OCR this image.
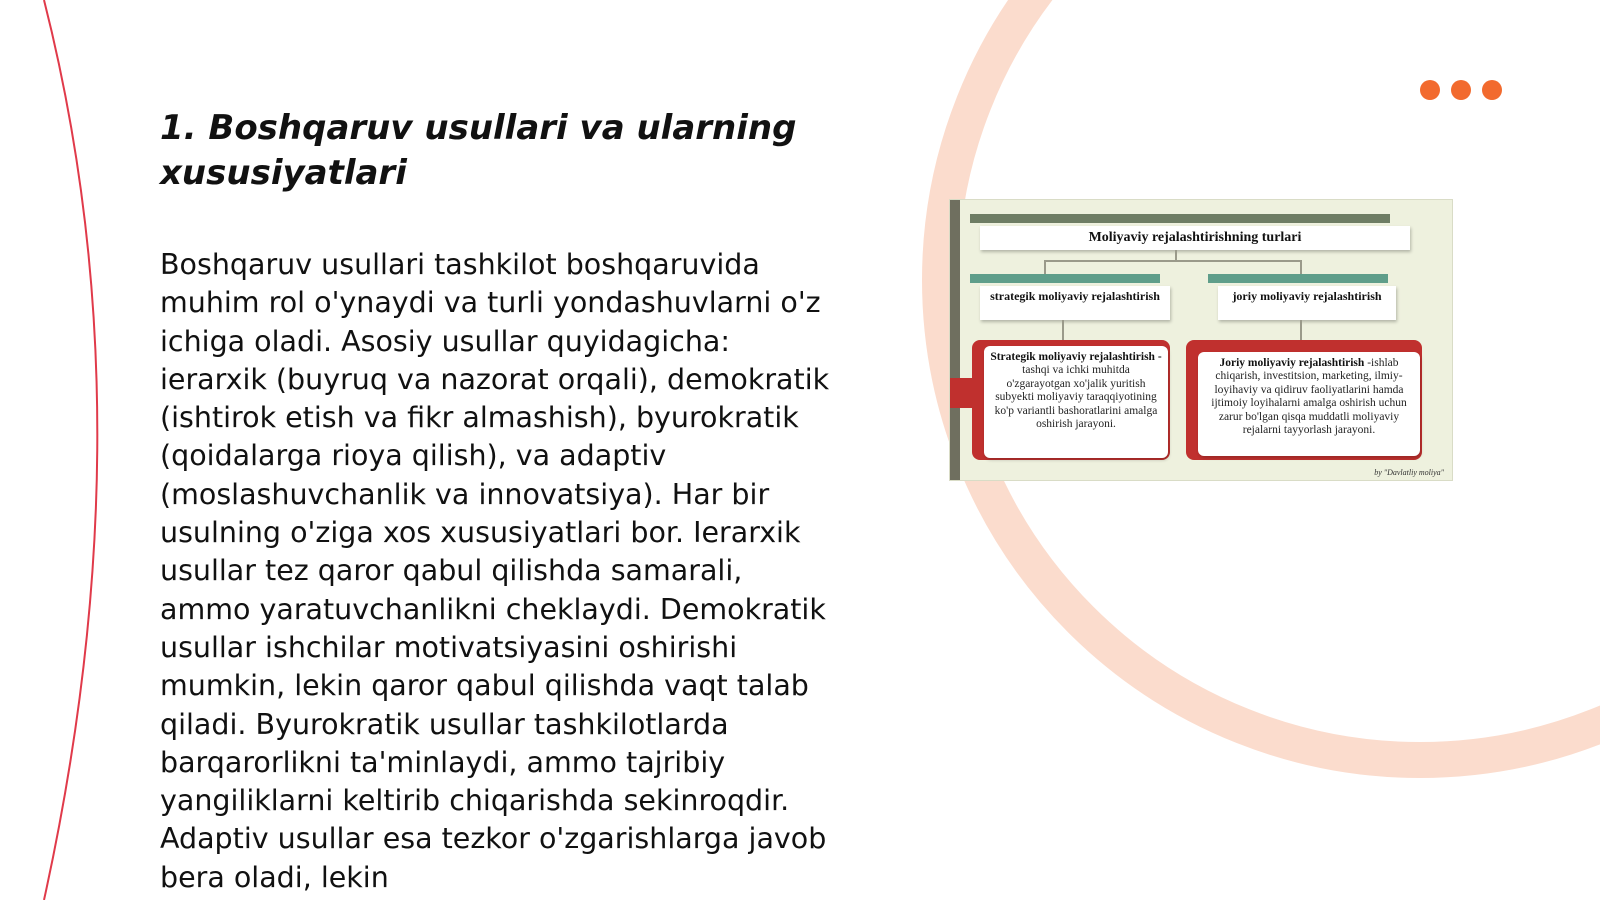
1. Boshqaruv usullari va ularning xususiyatlari

Boshqaruv usullari tashkilot boshqaruvida muhim rol o'ynaydi va turli yondashuvlarni o'z ichiga oladi. Asosiy usullar quyidagicha: ierarxik (buyruq va nazorat orqali), demokratik (ishtirok etish va fikr almashish), byurokratik (qoidalarga rioya qilish), va adaptiv (moslashuvchanlik va innovatsiya). Har bir usulning o'ziga xos xususiyatlari bor. Ierarxik usullar tez qaror qabul qilishda samarali, ammo yaratuvchanlikni cheklaydi. Demokratik usullar ishchilar motivatsiyasini oshirishi mumkin, lekin qaror qabul qilishda vaqt talab qiladi. Byurokratik usullar tashkilotlarda barqarorlikni ta'minlaydi, ammo tajribiy yangiliklarni keltirib chiqarishda sekinroqdir. Adaptiv usullar esa tezkor o'zgarishlarga javob bera oladi, lekin

Moliyaviy rejalashtirishning turlari
strategik moliyaviy rejalashtirish	joriy moliyaviy rejalashtirish
Strategik moliyaviy rejalashtirish - tashqi va ichki muhitda o'zgarayotgan xo'jalik yuritish subyekti moliyaviy taraqqiyotining ko'p variantli bashoratlarini amalga oshirish jarayoni.
Joriy moliyaviy rejalashtirish -ishlab chiqarish, investitsion, marketing, ilmiy-loyihaviy va qidiruv faoliyatlarini hamda ijtimoiy loyihalarni amalga oshirish uchun zarur bo'lgan qisqa muddatli moliyaviy rejalarni tayyorlash jarayoni.
by "Davlatliy moliya"
